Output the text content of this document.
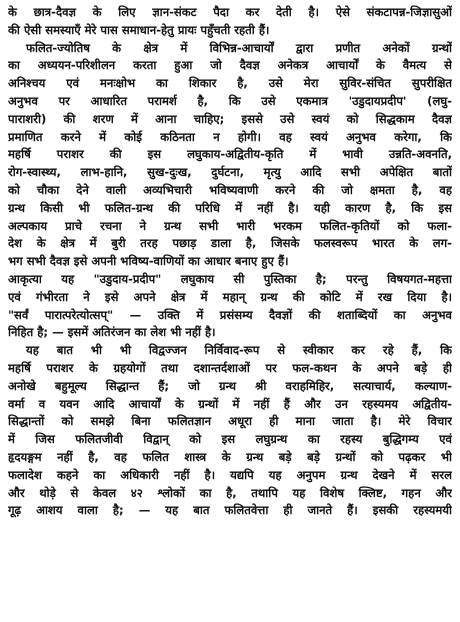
के छात्र-दैवज्ञ के लिए ज्ञान-संकट पैदा कर देती है। ऐसे संकटापन्न-जिज्ञासुओं
की ऐसी समस्याएँ मेरे पास समाधान-हेतु प्रायः पहुँचती रहती हैं।
फलित-ज्योतिष के क्षेत्र में विभिन्न-आचार्यों द्वारा प्रणीत अनेकों ग्रन्थों
का अध्ययन-परिशीलन करता हुआ जो दैवज्ञ अनेकत्र आचार्यों के वैमत्य से
अनिश्चय एवं मनःक्षोभ का शिकार है, उसे मेरा सुविर-संचित सुपरीक्षित
अनुभव पर आधारित परामर्श है, कि उसे एकमात्र 'उडुदायप्रदीप' (लघु-
पाराशरी) की शरण में आना चाहिए; इससे उसे स्वयं को सिद्धकाम दैवज्ञ
प्रमाणित करने में कोई कठिनता न होगी। वह स्वयं अनुभव करेगा, कि
महर्षि पराशर की इस लघुकाय-अद्वितीय-कृति में भावी उन्नति-अवनति,
रोग-स्वास्थ्य, लाभ-हानि, सुख-दुःख, दुर्घटना, मृत्यु आदि सभी अपेक्षित बातों
को चौका देने वाली अव्यभिचारी भविष्यवाणी करने की जो क्षमता है, वह
ग्रन्थ किसी भी फलित-ग्रन्थ की परिधि में नहीं है। यही कारण है, कि इस
अल्पकाय प्राचे रचना ने ग्रन्थ सभी भारी भरकम फलित-कृतियों को फला-
देश के क्षेत्र में बुरी तरह पछाड़ डाला है, जिसके फलस्वरूप भारत के लग-
भग सभी दैवज्ञ इसे अपनी भविष्य-वाणियों का आधार बनाए हुए हैं।
आकृत्या यह "उडुदाय-प्रदीप" लघुकाय सी पुस्तिका है; परन्तु विषयगत-महत्ता
एवं गंभीरता ने इसे अपने क्षेत्र में महान् ग्रन्थ की कोटि में रख दिया है।
"सर्वं पारात्परेत्योत्सप्" — उक्ति में प्रसंसम्य दैवज्ञों की शताब्दियों का अनुभव
निहित है; — इसमें अतिरंजन का लेश भी नहीं है।
यह बात भी भी विद्वज्जन निर्विवाद-रूप से स्वीकार कर रहे हैं, कि
महर्षि पराशर के ग्रहयोगों तथा दशान्तर्दशाओं पर फल-कथन के अपने बड़े ही
अनोखे बहुमूल्य सिद्धान्त हैं; जो ग्रन्थ श्री वराहमिहिर, सत्याचार्य, कल्याण-
वर्मा व यवन आदि आचार्यों के ग्रन्थों में नहीं हैं और उन रहस्यमय अद्वितीय-
सिद्धान्तों को समझे बिना फलितज्ञान अधूरा ही माना जाता है। मेरे विचार
में जिस फलितजीवी विद्वान् को इस लघुग्रन्थ का रहस्य बुद्धिगम्य एवं
हृदयङ्गम नहीं है, वह फलित शास्त्र के ग्रन्थ बड़े बड़े ग्रन्थों को पढ़कर भी
फलादेश कहने का अधिकारी नहीं है। यद्यपि यह अनुपम ग्रन्थ देखने में सरल
और थोड़े से केवल ४२ श्लोकों का है, तथापि यह विशेष क्लिष्ट, गहन और
गूढ़ आशय वाला है; — यह बात फलितवेत्ता ही जानते हैं। इसकी रहस्यमयी
